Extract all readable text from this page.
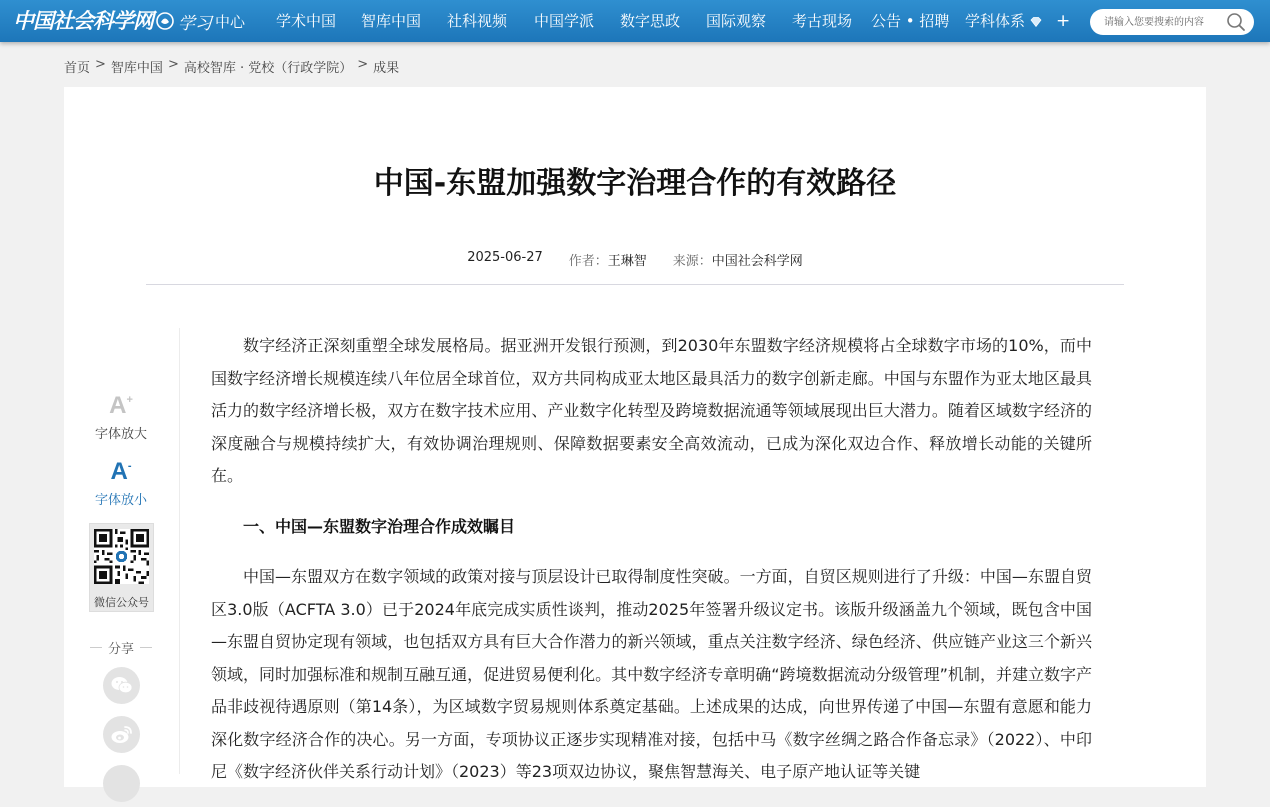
中国社会科学网 学习 中心 学术中国 智库中国 社科视频 中国学派 数字思政 国际观察 考古现场 公告 • 招聘 学科体系	+
请输入您要搜索的内容
首页 > 智库中国 > 高校智库 · 党校（行政学院） > 成果
中国-东盟加强数字治理合作的有效路径
2025-06-27 作者： 王琳智 来源： 中国社会科学网
A+
字体放大
A-
字体放小
微信公众号
分享

数字经济正深刻重塑全球发展格局。据亚洲开发银行预测，到2030年东盟数字经济规模将占全球数字市场的10%，而中国数字经济增长规模连续八年位居全球首位，双方共同构成亚太地区最具活力的数字创新走廊。中国与东盟作为亚太地区最具活力的数字经济增长极，双方在数字技术应用、产业数字化转型及跨境数据流通等领域展现出巨大潜力。随着区域数字经济的深度融合与规模持续扩大，有效协调治理规则、保障数据要素安全高效流动，已成为深化双边合作、释放增长动能的关键所在。

一、中国—东盟数字治理合作成效瞩目

中国—东盟双方在数字领域的政策对接与顶层设计已取得制度性突破。一方面，自贸区规则进行了升级：中国—东盟自贸区3.0版（ACFTA 3.0）已于2024年底完成实质性谈判，推动2025年签署升级议定书。该版升级涵盖九个领域，既包含中国—东盟自贸协定现有领域，也包括双方具有巨大合作潜力的新兴领域，重点关注数字经济、绿色经济、供应链产业这三个新兴领域，同时加强标准和规制互融互通，促进贸易便利化。其中数字经济专章明确“跨境数据流动分级管理”机制，并建立数字产品非歧视待遇原则（第14条），为区域数字贸易规则体系奠定基础。上述成果的达成，向世界传递了中国—东盟有意愿和能力深化数字经济合作的决心。另一方面，专项协议正逐步实现精准对接，包括中马《数字丝绸之路合作备忘录》（2022）、中印尼《数字经济伙伴关系行动计划》（2023）等23项双边协议，聚焦智慧海关、电子原产地认证等关键
